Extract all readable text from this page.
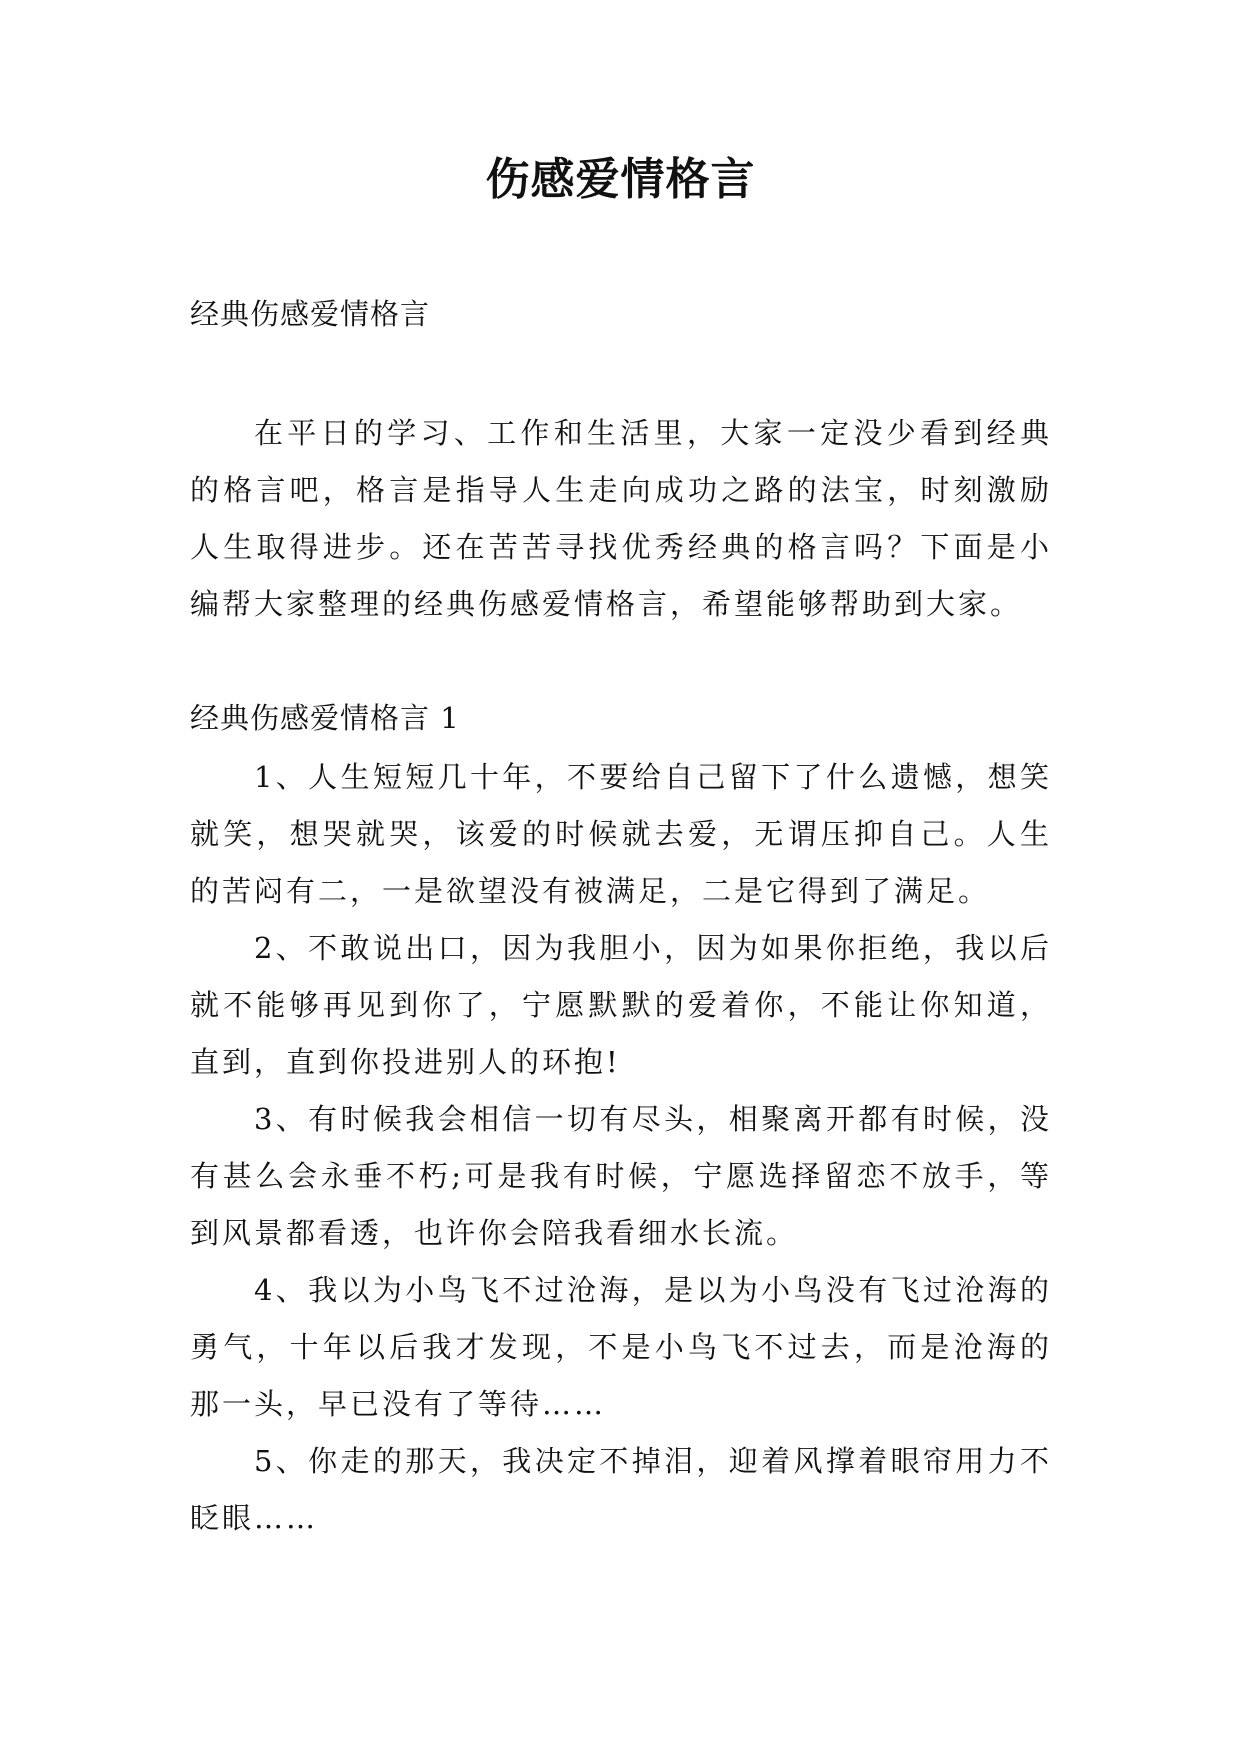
伤感爱情格言
经典伤感爱情格言

在平日的学习、工作和生活里，大家一定没少看到经典的格言吧，格言是指导人生走向成功之路的法宝，时刻激励人生取得进步。还在苦苦寻找优秀经典的格言吗？下面是小编帮大家整理的经典伤感爱情格言，希望能够帮助到大家。

经典伤感爱情格言 1

1、人生短短几十年，不要给自己留下了什么遗憾，想笑就笑，想哭就哭，该爱的时候就去爱，无谓压抑自己。人生的苦闷有二，一是欲望没有被满足，二是它得到了满足。

2、不敢说出口，因为我胆小，因为如果你拒绝，我以后就不能够再见到你了，宁愿默默的爱着你，不能让你知道，直到，直到你投进别人的环抱!

3、有时候我会相信一切有尽头，相聚离开都有时候，没有甚么会永垂不朽;可是我有时候，宁愿选择留恋不放手，等到风景都看透，也许你会陪我看细水长流。

4、我以为小鸟飞不过沧海，是以为小鸟没有飞过沧海的勇气，十年以后我才发现，不是小鸟飞不过去，而是沧海的那一头，早已没有了等待……

5、你走的那天，我决定不掉泪，迎着风撑着眼帘用力不眨眼……
